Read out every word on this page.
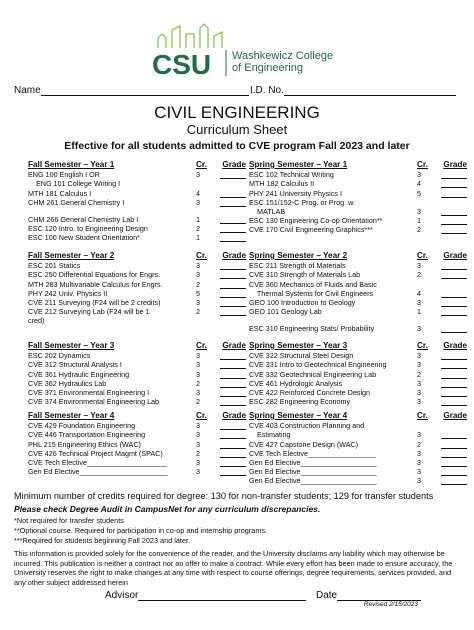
CSU Washkewicz College
of Engineering
Name	I.D. No.
CIVIL ENGINEERING
Curriculum Sheet
Effective for all students admitted to CVE program Fall 2023 and later
Fall Semester – Year 1	Cr.	Grade
ENG 100 English I OR	3
ENG 101 College Writing I
MTH 181 Calculus I	4
CHM 261 General Chemistry I	3
CHM 266 General Chemistry Lab I	1
ESC 120 Intro. to Engineering Design	2
ESC 100 New Student Orientation*	1
Spring Semester – Year 1	Cr.	Grade
ESC 102 Technical Writing	3
MTH 182 Calculus II	4
PHY 241 University Physics I	5
ESC 151/152-C Prog. or Prog. w.
MATLAB	3
ESC 130 Engineering Co-op Orientation**	1
CVE 170 Civil Engineering Graphics***	2
Fall Semester – Year 2	Cr.	Grade
ESC 201 Statics	3
ESC 250 Differential Equations for Engrs.	3
MTH 283 Multivariable Calculus for Engrs.	2
PHY 242 Univ. Physics II	5
CVE 211 Surveying (F24 will be 2 credits)	3
CVE 212 Surveying Lab (F24 will be 1	2
cred)
Spring Semester – Year 2	Cr.	Grade
ESC 211 Strength of Materials	3
CVE 310 Strength of Materials Lab	2
CVE 360 Mechanics of Fluids and Basic
Thermal Systems for Civil Engineers	4
GEO 100 Introduction to Geology	3
GEO 101 Geology Lab	1
ESC 310 Engineering Stats/ Probability	3
Fall Semester – Year 3	Cr.	Grade
ESC 202 Dynamics	3
CVE 312 Structural Analysis I	3
CVE 361 Hydraulic Engineering	3
CVE 362 Hydraulics Lab	2
CVE 371 Environmental Engineering I	3
CVE 374 Environmental Engineering Lab	2
Spring Semester – Year 3	Cr.	Grade
CVE 322 Structural Steel Design	3
CVE 331 Intro to Geotechnical Engineering	3
CVE 332 Geotechnical Engineering Lab	2
CVE 461 Hydrologic Analysis	3
CVE 422 Reinforced Concrete Design	3
ESC 282 Engineering Economy	3
Fall Semester – Year 4	Cr.	Grade
CVE 429 Foundation Engineering	3
CVE 446 Transportation Engineering	3
PHL 215 Engineering Ethics (WAC)	3
CVE 426 Technical Project Magmt (SPAC)	2
CVE Tech Elective____________________	3
Gen Ed Elective______________________	3
Spring Semester – Year 4	Cr.	Grade
CVE 403 Construction Planning and
Estimating	3
CVE 427 Capstone Design (WAC)	2
CVE Tech Elective_________________	3
Gen Ed Elective___________________	3
Gen Ed Elective___________________	3
Gen Ed Elective___________________	3
Minimum number of credits required for degree: 130 for non-transfer students; 129 for transfer students
Please check Degree Audit in CampusNet for any curriculum discrepancies.
*Not required for transfer students
**Optional course. Required for participation in co-op and internship programs.
***Required for students beginning Fall 2023 and later.
This information is provided solely for the convenience of the reader, and the University disclaims any liability which may otherwise be incurred. This publication is neither a contract nor an offer to make a contract. While every effort has been made to ensure accuracy, the University reserves the right to make changes at any time with respect to course offerings, degree requirements, services provided, and any other subject addressed herein
Advisor	Date
Revised 2/15/2023
